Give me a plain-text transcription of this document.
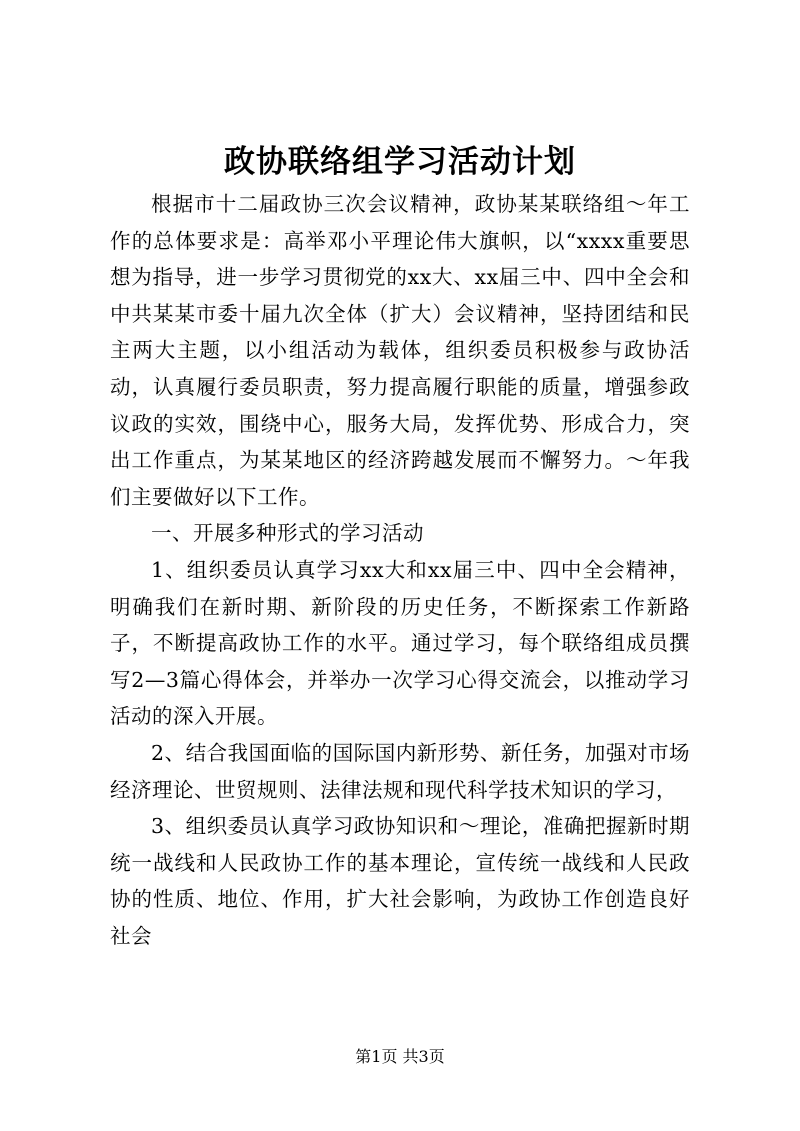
政协联络组学习活动计划

根据市十二届政协三次会议精神，政协某某联络组～年工作的总体要求是：高举邓小平理论伟大旗帜，以“xxxx重要思想为指导，进一步学习贯彻党的xx大、xx届三中、四中全会和中共某某市委十届九次全体（扩大）会议精神，坚持团结和民主两大主题，以小组活动为载体，组织委员积极参与政协活动，认真履行委员职责，努力提高履行职能的质量，增强参政议政的实效，围绕中心，服务大局，发挥优势、形成合力，突出工作重点，为某某地区的经济跨越发展而不懈努力。～年我们主要做好以下工作。

一、开展多种形式的学习活动

1、组织委员认真学习xx大和xx届三中、四中全会精神，明确我们在新时期、新阶段的历史任务，不断探索工作新路子，不断提高政协工作的水平。通过学习，每个联络组成员撰写2—3篇心得体会，并举办一次学习心得交流会，以推动学习活动的深入开展。

2、结合我国面临的国际国内新形势、新任务，加强对市场经济理论、世贸规则、法律法规和现代科学技术知识的学习，

3、组织委员认真学习政协知识和～理论，准确把握新时期统一战线和人民政协工作的基本理论，宣传统一战线和人民政协的性质、地位、作用，扩大社会影响，为政协工作创造良好社会

第1页 共3页
